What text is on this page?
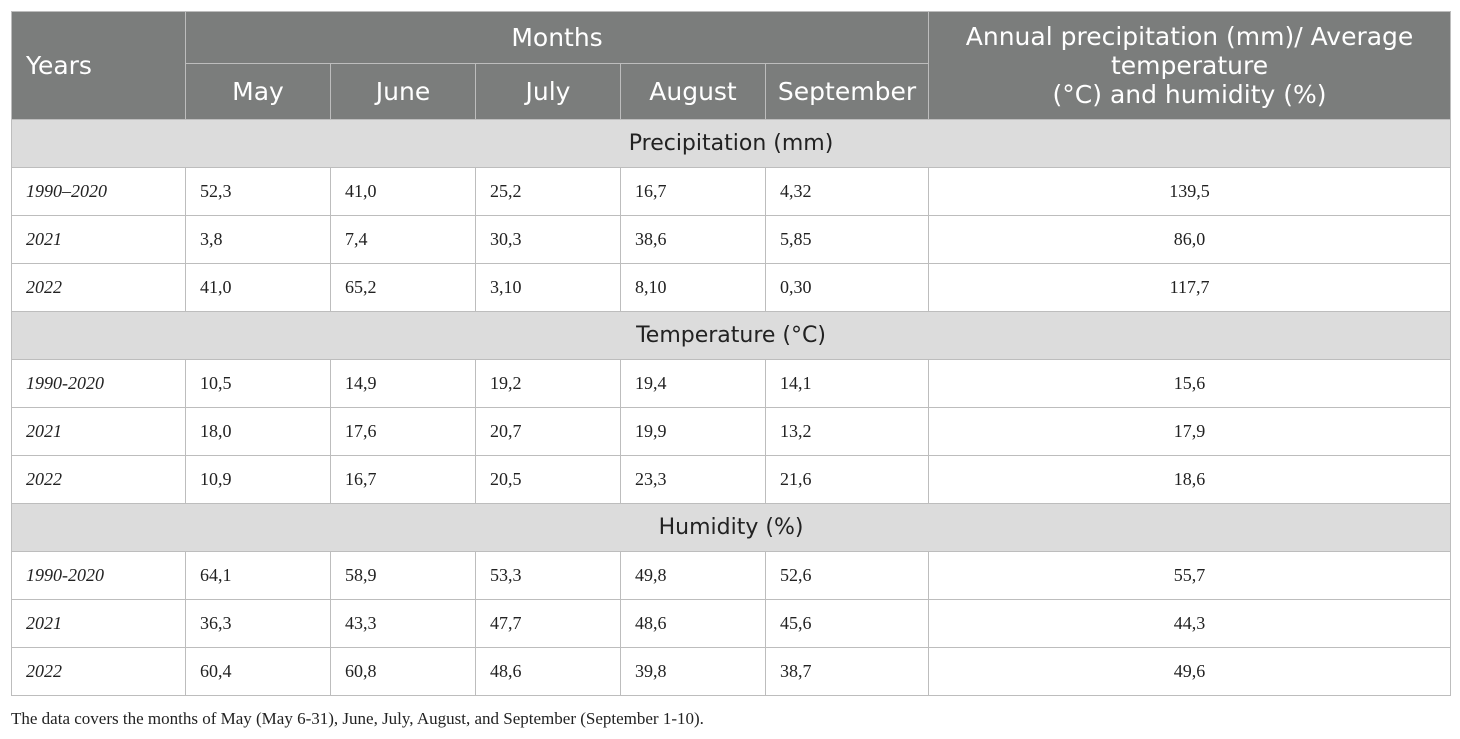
Years	Months					Annual precipitation (mm)/ Average
temperature
(°C) and humidity (%)
	May	June	July	August	September	
Precipitation (mm)						
1990–2020	52,3	41,0	25,2	16,7	4,32	139,5
2021	3,8	7,4	30,3	38,6	5,85	86,0
2022	41,0	65,2	3,10	8,10	0,30	117,7
Temperature (°C)						
1990-2020	10,5	14,9	19,2	19,4	14,1	15,6
2021	18,0	17,6	20,7	19,9	13,2	17,9
2022	10,9	16,7	20,5	23,3	21,6	18,6
Humidity (%)						
1990-2020	64,1	58,9	53,3	49,8	52,6	55,7
2021	36,3	43,3	47,7	48,6	45,6	44,3
2022	60,4	60,8	48,6	39,8	38,7	49,6
The data covers the months of May (May 6-31), June, July, August, and September (September 1-10).
